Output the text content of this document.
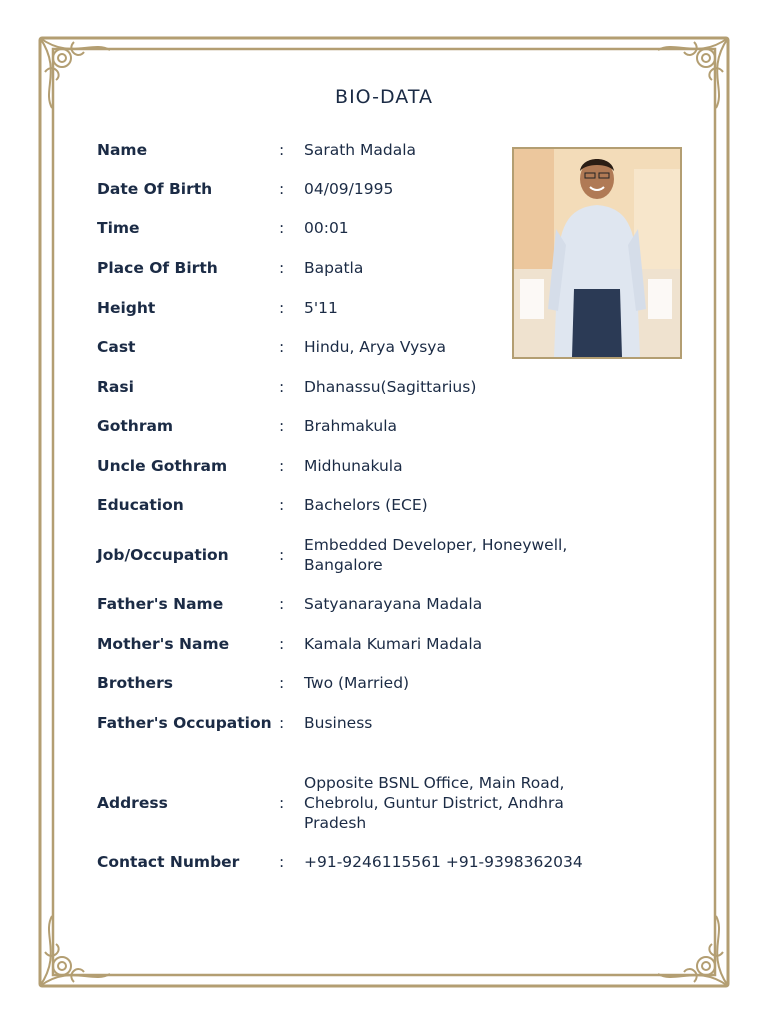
BIO-DATA
Name	:	Sarath Madala
Date Of Birth	:	04/09/1995
Time	:	00:01
Place Of Birth	:	Bapatla
Height	:	5'11
Cast	:	Hindu, Arya Vysya
Rasi	:	Dhanassu(Sagittarius)
Gothram	:	Brahmakula
Uncle Gothram	:	Midhunakula
Education	:	Bachelors (ECE)
Job/Occupation	:
Embedded Developer, Honeywell, Bangalore
Father's Name	:	Satyanarayana Madala
Mother's Name	:	Kamala Kumari Madala
Brothers	:	Two (Married)
Father's Occupation :	Business
Address	:
Opposite BSNL Office, Main Road, Chebrolu, Guntur District, Andhra Pradesh
Contact Number	:	+91-9246115561 +91-9398362034
